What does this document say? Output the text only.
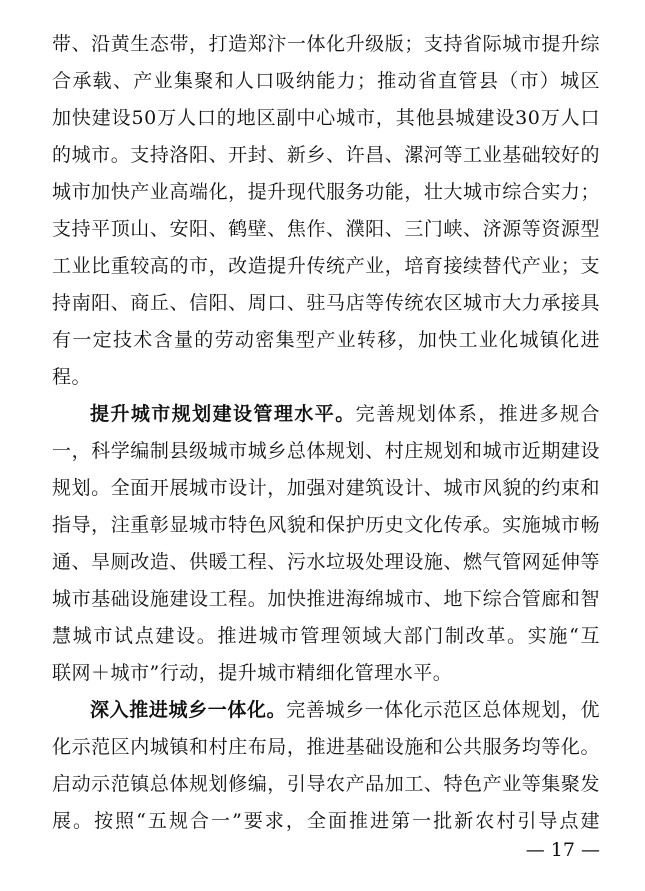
带、沿黄生态带，打造郑汴一体化升级版；支持省际城市提升综
合承载、产业集聚和人口吸纳能力；推动省直管县（市）城区
加快建设50万人口的地区副中心城市，其他县城建设30万人口
的城市。支持洛阳、开封、新乡、许昌、漯河等工业基础较好的
城市加快产业高端化，提升现代服务功能，壮大城市综合实力；
支持平顶山、安阳、鹤壁、焦作、濮阳、三门峡、济源等资源型
工业比重较高的市，改造提升传统产业，培育接续替代产业；支
持南阳、商丘、信阳、周口、驻马店等传统农区城市大力承接具
有一定技术含量的劳动密集型产业转移，加快工业化城镇化进
程。
提升城市规划建设管理水平。完善规划体系，推进多规合
一，科学编制县级城市城乡总体规划、村庄规划和城市近期建设
规划。全面开展城市设计，加强对建筑设计、城市风貌的约束和
指导，注重彰显城市特色风貌和保护历史文化传承。实施城市畅
通、旱厕改造、供暖工程、污水垃圾处理设施、燃气管网延伸等
城市基础设施建设工程。加快推进海绵城市、地下综合管廊和智
慧城市试点建设。推进城市管理领域大部门制改革。实施“互
联网＋城市”行动，提升城市精细化管理水平。
深入推进城乡一体化。完善城乡一体化示范区总体规划，优
化示范区内城镇和村庄布局，推进基础设施和公共服务均等化。
启动示范镇总体规划修编，引导农产品加工、特色产业等集聚发
展。按照“五规合一”要求，全面推进第一批新农村引导点建
— 17 —
